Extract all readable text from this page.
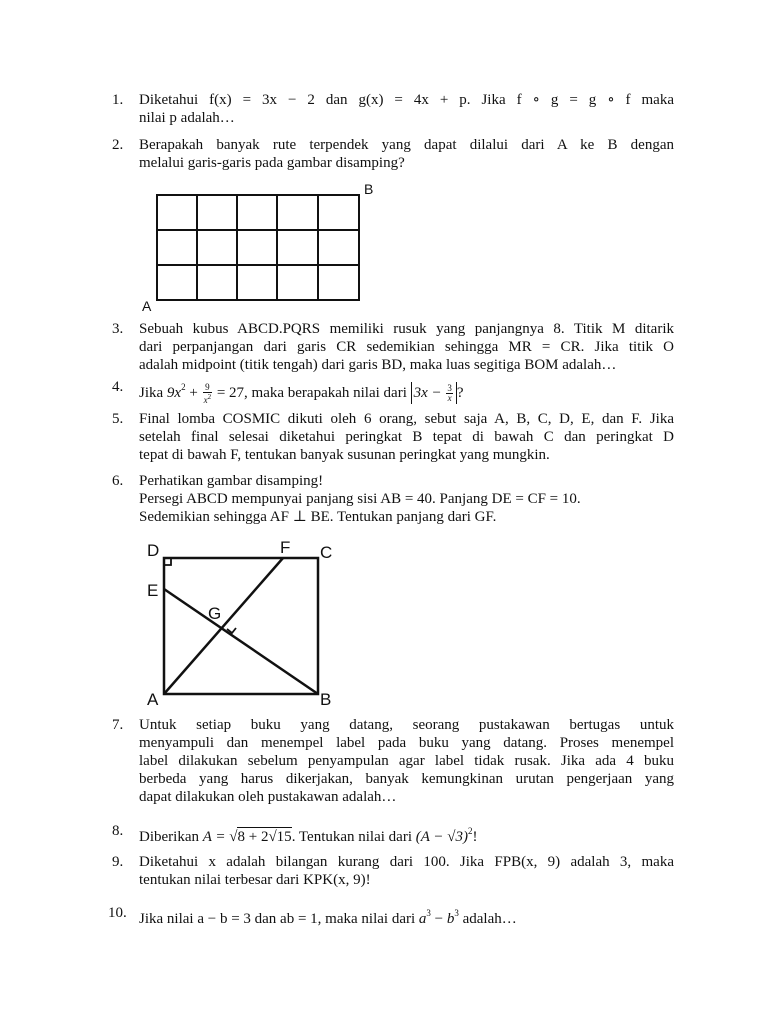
1.	Diketahui f(x) = 3x − 2 dan g(x) = 4x + p. Jika f ∘ g = g ∘ f maka
nilai p adalah…
2.	Berapakah banyak rute terpendek yang dapat dilalui dari A ke B dengan
melalui garis-garis pada gambar disamping?
A
B
3.	Sebuah kubus ABCD.PQRS memiliki rusuk yang panjangnya 8. Titik M ditarik
dari perpanjangan dari garis CR sedemikian sehingga MR = CR. Jika titik O
adalah midpoint (titik tengah) dari garis BD, maka luas segitiga BOM adalah…
4.	Jika $9x^2 + \frac{9}{x^2} = 27$, maka berapakah nilai dari $3x - \frac{3}{x}$ ?
5.	Final lomba COSMIC dikuti oleh 6 orang, sebut saja A, B, C, D, E, dan F. Jika
setelah final selesai diketahui peringkat B tepat di bawah C dan peringkat D
tepat di bawah F, tentukan banyak susunan peringkat yang mungkin.
6.	Perhatikan gambar disamping!
Persegi ABCD mempunyai panjang sisi AB = 40. Panjang DE = CF = 10.
Sedemikian sehingga AF ⊥ BE. Tentukan panjang dari GF.
D	F C
E
G
A	B
7.	Untuk setiap buku yang datang, seorang pustakawan bertugas untuk
menyampuli dan menempel label pada buku yang datang. Proses menempel
label dilakukan sebelum penyampulan agar label tidak rusak. Jika ada 4 buku
berbeda yang harus dikerjakan, banyak kemungkinan urutan pengerjaan yang
dapat dilakukan oleh pustakawan adalah…
8.	Diberikan A = √8 + 2√15. Tentukan nilai dari $(A - √3)^2$!
9.	Diketahui x adalah bilangan kurang dari 100. Jika FPB(x, 9) adalah 3, maka
tentukan nilai terbesar dari KPK(x, 9)!
10. Jika nilai a − b = 3 dan ab = 1, maka nilai dari $a^3 - b^3$ adalah…
